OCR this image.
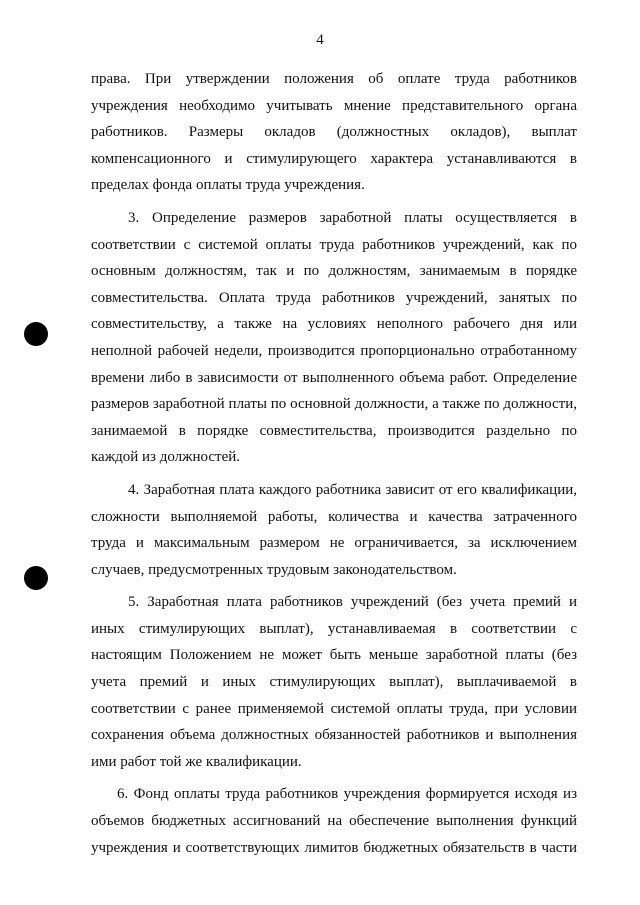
4
права. При утверждении положения об оплате труда работников
учреждения необходимо учитывать мнение представительного органа
работников. Размеры окладов (должностных окладов), выплат
компенсационного и стимулирующего характера устанавливаются в
пределах фонда оплаты труда учреждения.
3. Определение размеров заработной платы осуществляется в
соответствии с системой оплаты труда работников учреждений, как по
основным должностям, так и по должностям, занимаемым в порядке
совместительства. Оплата труда работников учреждений, занятых по
совместительству, а также на условиях неполного рабочего дня или
неполной рабочей недели, производится пропорционально отработанному
времени либо в зависимости от выполненного объема работ. Определение
размеров заработной платы по основной должности, а также по должности,
занимаемой в порядке совместительства, производится раздельно по
каждой из должностей.
4. Заработная плата каждого работника зависит от его квалификации,
сложности выполняемой работы, количества и качества затраченного
труда и максимальным размером не ограничивается, за исключением
случаев, предусмотренных трудовым законодательством.
5. Заработная плата работников учреждений (без учета премий и
иных стимулирующих выплат), устанавливаемая в соответствии с
настоящим Положением не может быть меньше заработной платы (без
учета премий и иных стимулирующих выплат), выплачиваемой в
соответствии с ранее применяемой системой оплаты труда, при условии
сохранения объема должностных обязанностей работников и выполнения
ими работ той же квалификации.
6. Фонд оплаты труда работников учреждения формируется исходя из
объемов бюджетных ассигнований на обеспечение выполнения функций
учреждения и соответствующих лимитов бюджетных обязательств в части
